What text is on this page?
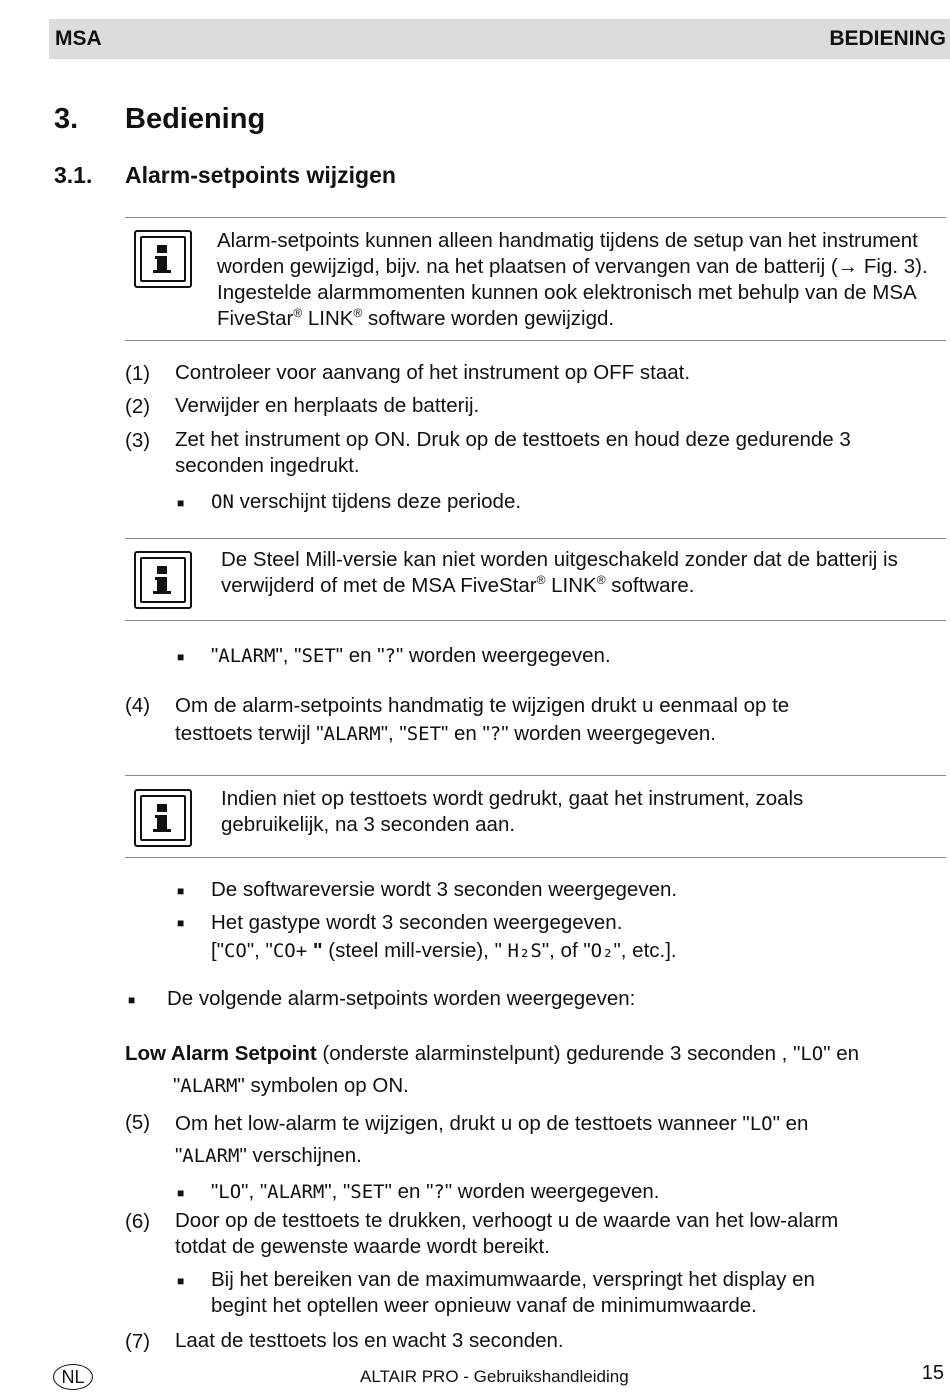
MSA	BEDIENING
3. Bediening
3.1. Alarm-setpoints wijzigen
Alarm-setpoints kunnen alleen handmatig tijdens de setup van het instrument
worden gewijzigd, bijv. na het plaatsen of vervangen van de batterij (→ Fig. 3).
Ingestelde alarmmomenten kunnen ook elektronisch met behulp van de MSA
FiveStar® LINK® software worden gewijzigd.
(1) Controleer voor aanvang of het instrument op OFF staat.
(2) Verwijder en herplaats de batterij.
(3) Zet het instrument op ON. Druk op de testtoets en houd deze gedurende 3
seconden ingedrukt.
■ ON verschijnt tijdens deze periode.
De Steel Mill-versie kan niet worden uitgeschakeld zonder dat de batterij is
verwijderd of met de MSA FiveStar® LINK® software.
■ "ALARM", "SET" en "?" worden weergegeven.
(4) Om de alarm-setpoints handmatig te wijzigen drukt u eenmaal op te
testtoets terwijl "ALARM", "SET" en "?" worden weergegeven.
Indien niet op testtoets wordt gedrukt, gaat het instrument, zoals
gebruikelijk, na 3 seconden aan.
■ De softwareversie wordt 3 seconden weergegeven.
■ Het gastype wordt 3 seconden weergegeven.
["CO", "CO+ " (steel mill-versie), " H₂S", of "O₂", etc.].
■ De volgende alarm-setpoints worden weergegeven:
Low Alarm Setpoint (onderste alarminstelpunt) gedurende 3 seconden , "LO" en
"ALARM" symbolen op ON.
(5) Om het low-alarm te wijzigen, drukt u op de testtoets wanneer "LO" en
"ALARM" verschijnen.
■ "LO", "ALARM", "SET" en "?" worden weergegeven.
(6) Door op de testtoets te drukken, verhoogt u de waarde van het low-alarm
totdat de gewenste waarde wordt bereikt.
■ Bij het bereiken van de maximumwaarde, verspringt het display en
begint het optellen weer opnieuw vanaf de minimumwaarde.
(7) Laat de testtoets los en wacht 3 seconden.
NL	ALTAIR PRO - Gebruikshandleiding	15
